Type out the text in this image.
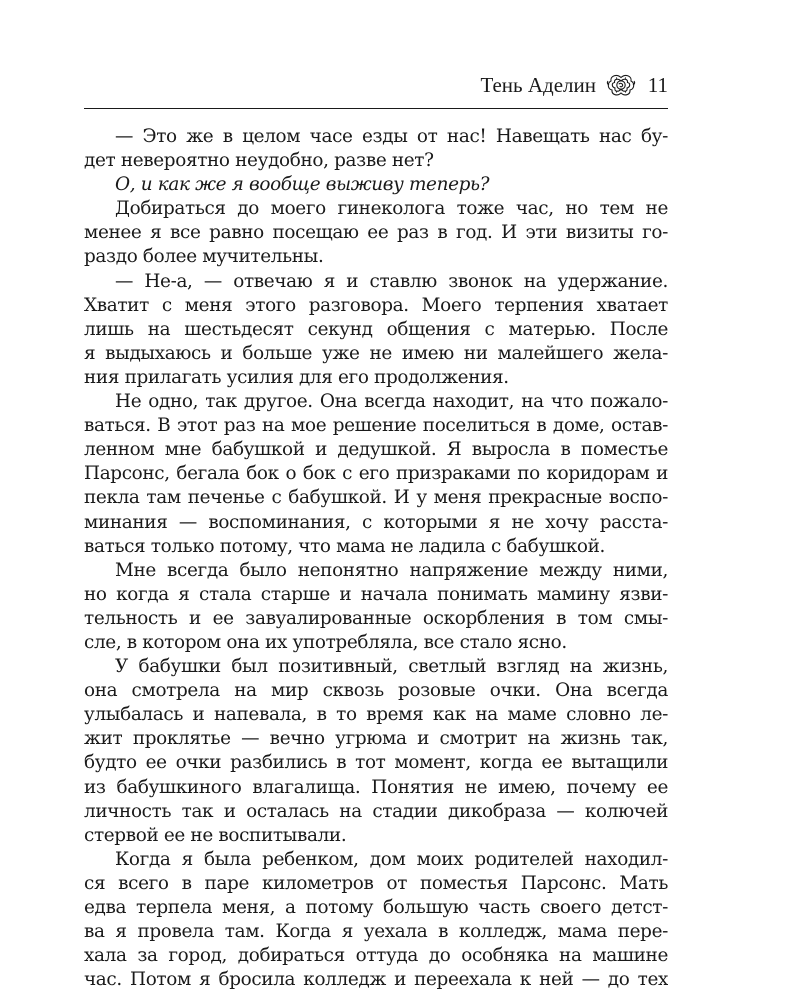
Тень Аделин 11
— Это же в целом часе езды от нас! Навещать нас бу-
дет невероятно неудобно, разве нет?
О, и как же я вообще выживу теперь?
Добираться до моего гинеколога тоже час, но тем не
менее я все равно посещаю ее раз в год. И эти визиты го-
раздо более мучительны.
— Не-а, — отвечаю я и ставлю звонок на удержание.
Хватит с меня этого разговора. Моего терпения хватает
лишь на шестьдесят секунд общения с матерью. После
я выдыхаюсь и больше уже не имею ни малейшего жела-
ния прилагать усилия для его продолжения.
Не одно, так другое. Она всегда находит, на что пожало-
ваться. В этот раз на мое решение поселиться в доме, остав-
ленном мне бабушкой и дедушкой. Я выросла в поместье
Парсонс, бегала бок о бок с его призраками по коридорам и
пекла там печенье с бабушкой. И у меня прекрасные воспо-
минания — воспоминания, с которыми я не хочу расста-
ваться только потому, что мама не ладила с бабушкой.
Мне всегда было непонятно напряжение между ними,
но когда я стала старше и начала понимать мамину язви-
тельность и ее завуалированные оскорбления в том смы-
сле, в котором она их употребляла, все стало ясно.
У бабушки был позитивный, светлый взгляд на жизнь,
она смотрела на мир сквозь розовые очки. Она всегда
улыбалась и напевала, в то время как на маме словно ле-
жит проклятье — вечно угрюма и смотрит на жизнь так,
будто ее очки разбились в тот момент, когда ее вытащили
из бабушкиного влагалища. Понятия не имею, почему ее
личность так и осталась на стадии дикобраза — колючей
стервой ее не воспитывали.
Когда я была ребенком, дом моих родителей находил-
ся всего в паре километров от поместья Парсонс. Мать
едва терпела меня, а потому большую часть своего детст-
ва я провела там. Когда я уехала в колледж, мама пере-
хала за город, добираться оттуда до особняка на машине
час. Потом я бросила колледж и переехала к ней — до тех
